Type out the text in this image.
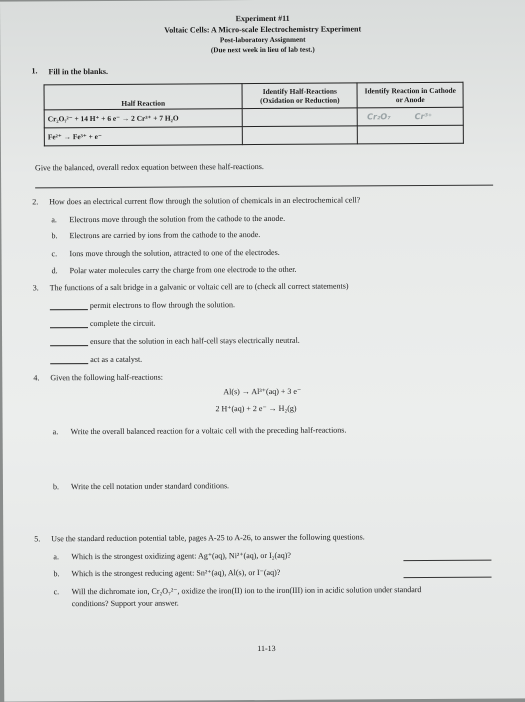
Experiment #11
Voltaic Cells: A Micro-scale Electrochemistry Experiment
Post-laboratory Assignment
(Due next week in lieu of lab test.)
1. Fill in the blanks.
Half Reaction	Identify Half-Reactions (Oxidation or Reduction)	Identify Reaction in Cathode or Anode
Cr₂O₇²⁻ + 14 H⁺ + 6 e⁻ → 2 Cr³⁺ + 7 H₂O		Cr₂O₇ Cr³⁺
Fe²⁺ → Fe³⁺ + e⁻		
Give the balanced, overall redox equation between these half-reactions.
2. How does an electrical current flow through the solution of chemicals in an electrochemical cell?
a. Electrons move through the solution from the cathode to the anode.
b. Electrons are carried by ions from the cathode to the anode.
c. Ions move through the solution, attracted to one of the electrodes.
d. Polar water molecules carry the charge from one electrode to the other.
3. The functions of a salt bridge in a galvanic or voltaic cell are to (check all correct statements)
permit electrons to flow through the solution.
complete the circuit.
ensure that the solution in each half-cell stays electrically neutral.
act as a catalyst.
4. Given the following half-reactions:
Al(s) → Al³⁺(aq) + 3 e⁻
2 H⁺(aq) + 2 e⁻ → H₂(g)
a. Write the overall balanced reaction for a voltaic cell with the preceding half-reactions.
b. Write the cell notation under standard conditions.
5. Use the standard reduction potential table, pages A-25 to A-26, to answer the following questions.
a. Which is the strongest oxidizing agent: Ag⁺(aq), Ni²⁺(aq), or I₂(aq)?
b. Which is the strongest reducing agent: Sn²⁺(aq), Al(s), or I⁻(aq)?
c. Will the dichromate ion, Cr₂O₇²⁻, oxidize the iron(II) ion to the iron(III) ion in acidic solution under standard
conditions? Support your answer.
11-13
